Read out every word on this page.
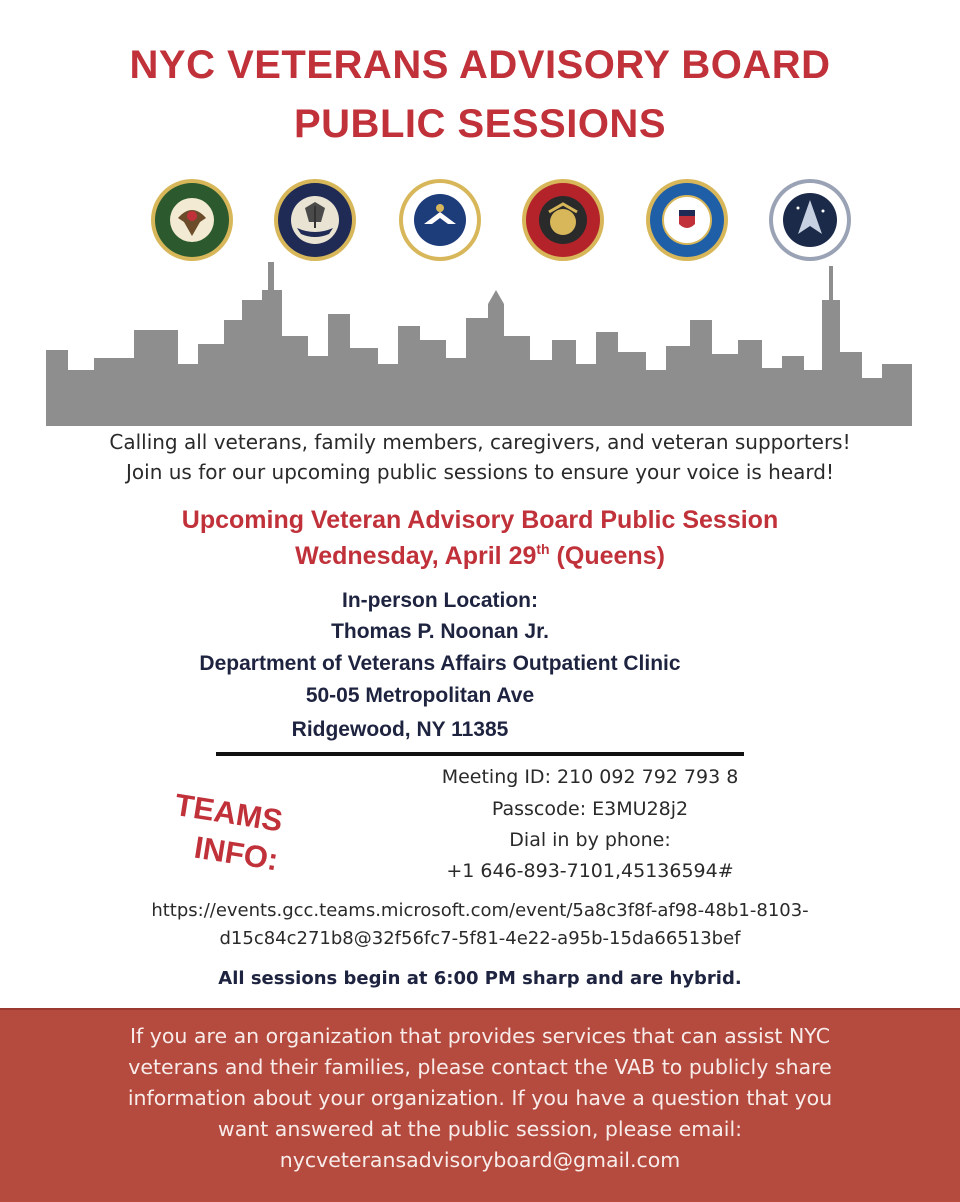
NYC VETERANS ADVISORY BOARD
PUBLIC SESSIONS
Calling all veterans, family members, caregivers, and veteran supporters!
Join us for our upcoming public sessions to ensure your voice is heard!
Upcoming Veteran Advisory Board Public Session
Wednesday, April 29th (Queens)
In-person Location:
Thomas P. Noonan Jr.
Department of Veterans Affairs Outpatient Clinic
50-05 Metropolitan Ave
Ridgewood, NY 11385
TEAMS
INFO:
Meeting ID: 210 092 792 793 8
Passcode: E3MU28j2
Dial in by phone:
+1 646-893-7101,45136594#
https://events.gcc.teams.microsoft.com/event/5a8c3f8f-af98-48b1-8103-
d15c84c271b8@32f56fc7-5f81-4e22-a95b-15da66513bef
All sessions begin at 6:00 PM sharp and are hybrid.
If you are an organization that provides services that can assist NYC
veterans and their families, please contact the VAB to publicly share
information about your organization. If you have a question that you
want answered at the public session, please email:
nycveteransadvisoryboard@gmail.com
